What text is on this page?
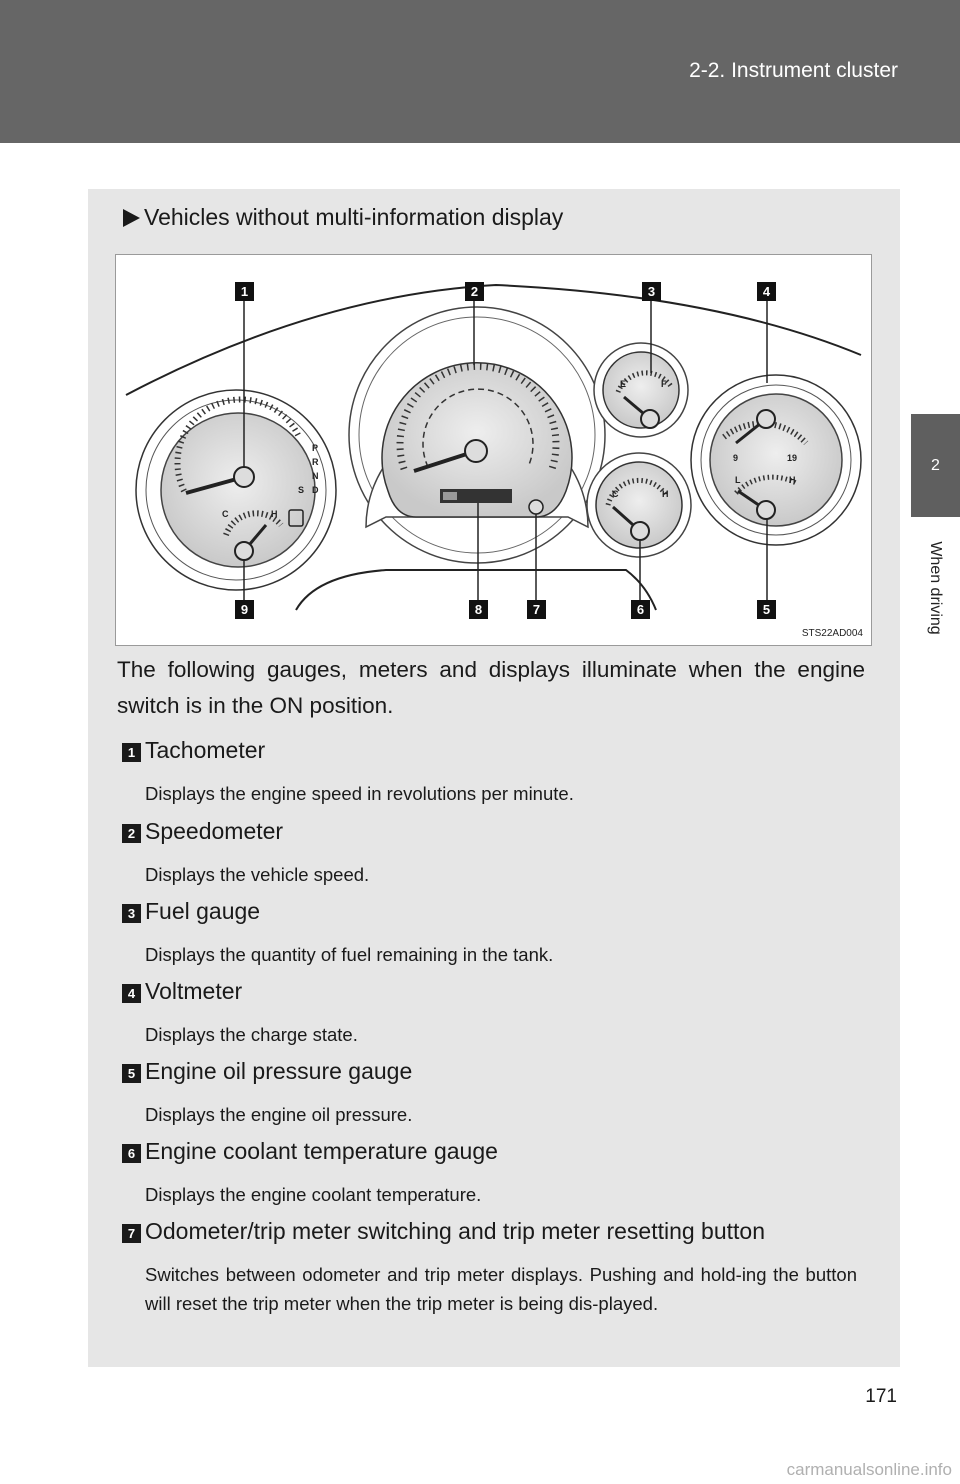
2-2. Instrument cluster
2
When driving
Vehicles without multi-information display
P
R
N
S D
C	H
E	F
C	H
9	19
L	H
1	2	3	4
5
6
7
8
9
STS22AD004
The following gauges, meters and displays illuminate when the engine switch is in the ON position.
1 Tachometer
Displays the engine speed in revolutions per minute.
2 Speedometer
Displays the vehicle speed.
3 Fuel gauge
Displays the quantity of fuel remaining in the tank.
4 Voltmeter
Displays the charge state.
5 Engine oil pressure gauge
Displays the engine oil pressure.
6 Engine coolant temperature gauge
Displays the engine coolant temperature.
7 Odometer/trip meter switching and trip meter resetting button
Switches between odometer and trip meter displays. Pushing and hold-ing the button will reset the trip meter when the trip meter is being dis-played.
171
carmanualsonline.info
